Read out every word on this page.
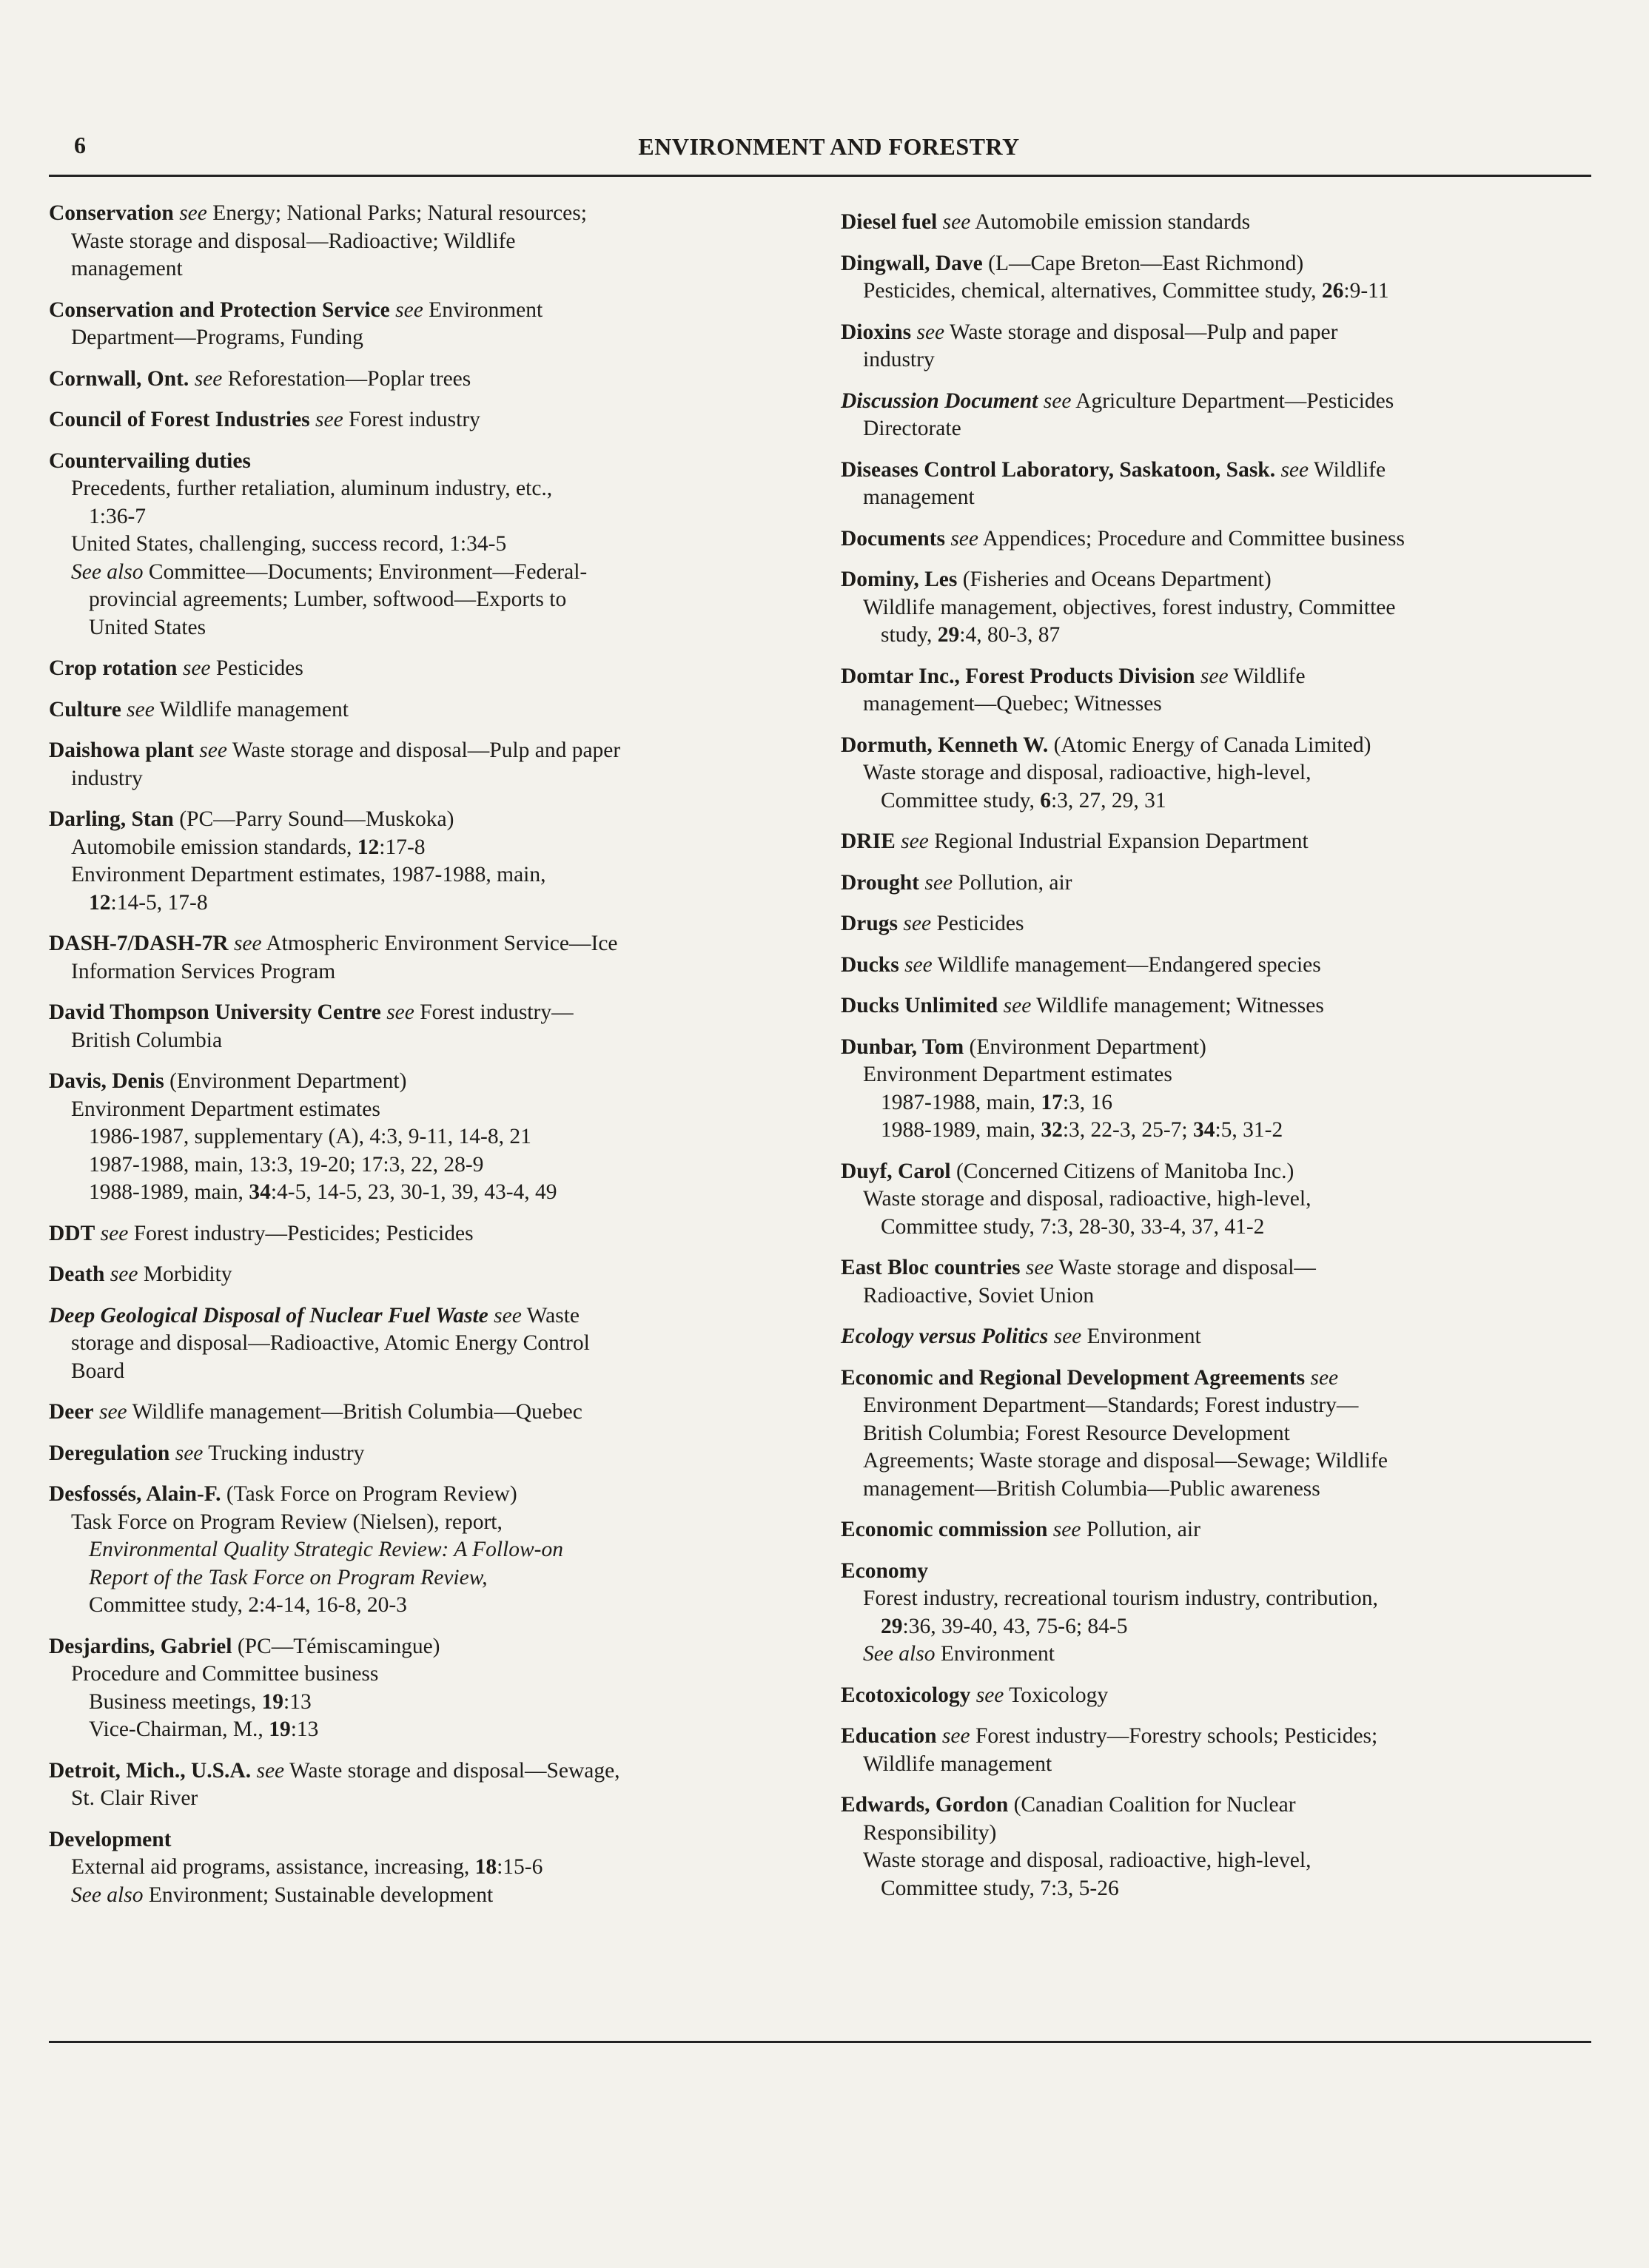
6	ENVIRONMENT AND FORESTRY
Conservation see Energy; National Parks; Natural resources;
Waste storage and disposal—Radioactive; Wildlife
management
Conservation and Protection Service see Environment
Department—Programs, Funding
Cornwall, Ont. see Reforestation—Poplar trees
Council of Forest Industries see Forest industry
Countervailing duties
Precedents, further retaliation, aluminum industry, etc.,
1:36-7
United States, challenging, success record, 1:34-5
See also Committee—Documents; Environment—Federal-
provincial agreements; Lumber, softwood—Exports to
United States
Crop rotation see Pesticides
Culture see Wildlife management
Daishowa plant see Waste storage and disposal—Pulp and paper
industry
Darling, Stan (PC—Parry Sound—Muskoka)
Automobile emission standards, 12:17-8
Environment Department estimates, 1987-1988, main,
12:14-5, 17-8
DASH-7/DASH-7R see Atmospheric Environment Service—Ice
Information Services Program
David Thompson University Centre see Forest industry—
British Columbia
Davis, Denis (Environment Department)
Environment Department estimates
1986-1987, supplementary (A), 4:3, 9-11, 14-8, 21
1987-1988, main, 13:3, 19-20; 17:3, 22, 28-9
1988-1989, main, 34:4-5, 14-5, 23, 30-1, 39, 43-4, 49
DDT see Forest industry—Pesticides; Pesticides
Death see Morbidity
Deep Geological Disposal of Nuclear Fuel Waste see Waste
storage and disposal—Radioactive, Atomic Energy Control
Board
Deer see Wildlife management—British Columbia—Quebec
Deregulation see Trucking industry
Desfossés, Alain-F. (Task Force on Program Review)
Task Force on Program Review (Nielsen), report,
Environmental Quality Strategic Review: A Follow-on
Report of the Task Force on Program Review,
Committee study, 2:4-14, 16-8, 20-3
Desjardins, Gabriel (PC—Témiscamingue)
Procedure and Committee business
Business meetings, 19:13
Vice-Chairman, M., 19:13
Detroit, Mich., U.S.A. see Waste storage and disposal—Sewage,
St. Clair River
Development
External aid programs, assistance, increasing, 18:15-6
See also Environment; Sustainable development
Diesel fuel see Automobile emission standards
Dingwall, Dave (L—Cape Breton—East Richmond)
Pesticides, chemical, alternatives, Committee study, 26:9-11
Dioxins see Waste storage and disposal—Pulp and paper
industry
Discussion Document see Agriculture Department—Pesticides
Directorate
Diseases Control Laboratory, Saskatoon, Sask. see Wildlife
management
Documents see Appendices; Procedure and Committee business
Dominy, Les (Fisheries and Oceans Department)
Wildlife management, objectives, forest industry, Committee
study, 29:4, 80-3, 87
Domtar Inc., Forest Products Division see Wildlife
management—Quebec; Witnesses
Dormuth, Kenneth W. (Atomic Energy of Canada Limited)
Waste storage and disposal, radioactive, high-level,
Committee study, 6:3, 27, 29, 31
DRIE see Regional Industrial Expansion Department
Drought see Pollution, air
Drugs see Pesticides
Ducks see Wildlife management—Endangered species
Ducks Unlimited see Wildlife management; Witnesses
Dunbar, Tom (Environment Department)
Environment Department estimates
1987-1988, main, 17:3, 16
1988-1989, main, 32:3, 22-3, 25-7; 34:5, 31-2
Duyf, Carol (Concerned Citizens of Manitoba Inc.)
Waste storage and disposal, radioactive, high-level,
Committee study, 7:3, 28-30, 33-4, 37, 41-2
East Bloc countries see Waste storage and disposal—
Radioactive, Soviet Union
Ecology versus Politics see Environment
Economic and Regional Development Agreements see
Environment Department—Standards; Forest industry—
British Columbia; Forest Resource Development
Agreements; Waste storage and disposal—Sewage; Wildlife
management—British Columbia—Public awareness
Economic commission see Pollution, air
Economy
Forest industry, recreational tourism industry, contribution,
29:36, 39-40, 43, 75-6; 84-5
See also Environment
Ecotoxicology see Toxicology
Education see Forest industry—Forestry schools; Pesticides;
Wildlife management
Edwards, Gordon (Canadian Coalition for Nuclear
Responsibility)
Waste storage and disposal, radioactive, high-level,
Committee study, 7:3, 5-26
